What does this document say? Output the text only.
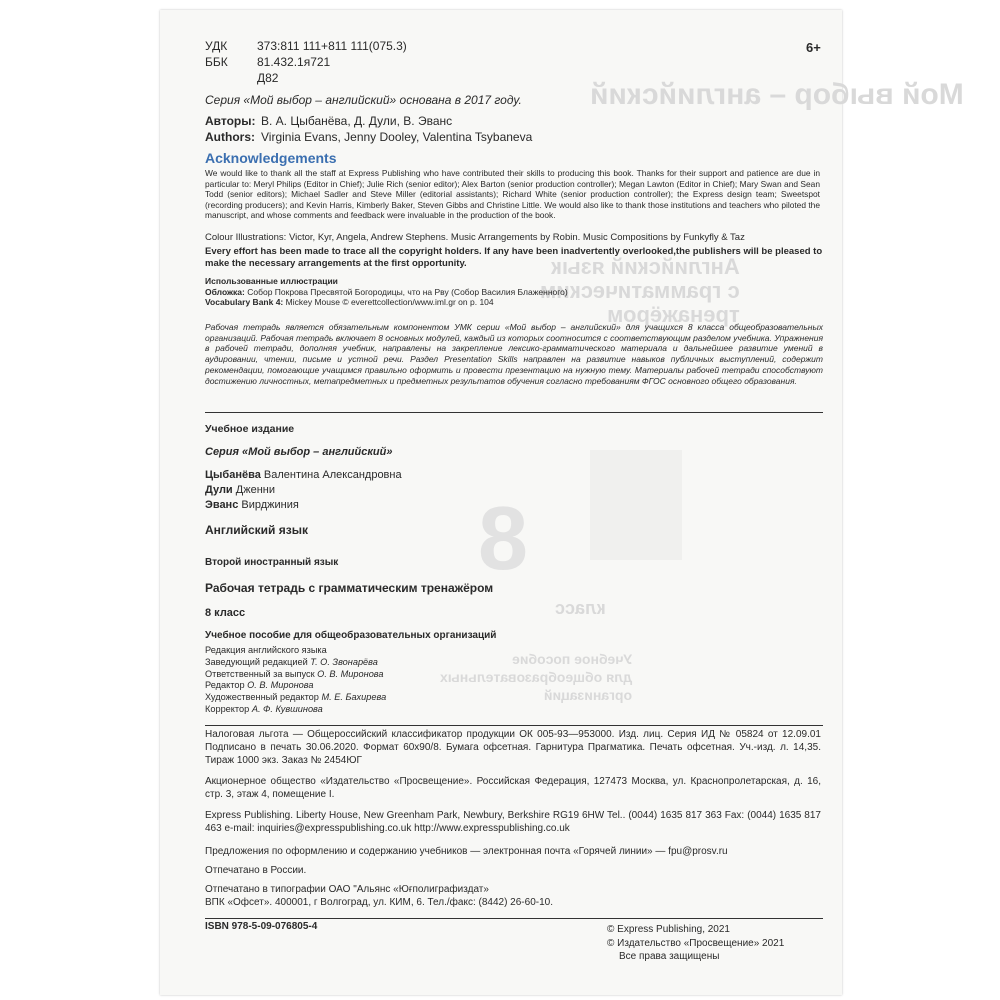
Мой выбор – английский
Английский язык
с грамматическим
тренажёром
8
класс
Учебное пособие
для общеобразовательных
организаций
УДК 373:811 111+811 111(075.3)
ББК 81.432.1я721
Д82
6+
Серия «Мой выбор – английский» основана в 2017 году.
Авторы: В. А. Цыбанёва, Д. Дули, В. Эванс
Authors: Virginia Evans, Jenny Dooley, Valentina Tsybaneva
Acknowledgements
We would like to thank all the staff at Express Publishing who have contributed their skills to producing this book. Thanks for their support and patience are due in particular to: Meryl Philips (Editor in Chief); Julie Rich (senior editor); Alex Barton (senior production controller); Megan Lawton (Editor in Chief); Mary Swan and Sean Todd (senior editors); Michael Sadler and Steve Miller (editorial assistants); Richard White (senior production controller); the Express design team; Sweetspot (recording producers); and Kevin Harris, Kimberly Baker, Steven Gibbs and Christine Little. We would also like to thank those institutions and teachers who piloted the manuscript, and whose comments and feedback were invaluable in the production of the book.
Colour Illustrations: Victor, Kyr, Angela, Andrew Stephens. Music Arrangements by Robin. Music Compositions by Funkyfly & Taz
Every effort has been made to trace all the copyright holders. If any have been inadvertently overlooked,the publishers will be pleased to make the necessary arrangements at the first opportunity.
Использованные иллюстрации
Обложка: Собор Покрова Пресвятой Богородицы, что на Рву (Собор Василия Блаженного)
Vocabulary Bank 4: Mickey Mouse © everettcollection/www.iml.gr on p. 104
Рабочая тетрадь является обязательным компонентом УМК серии «Мой выбор – английский» для учащихся 8 класса общеобразовательных организаций. Рабочая тетрадь включает 8 основных модулей, каждый из которых соотносится с соответствующим разделом учебника. Упражнения в рабочей тетради, дополняя учебник, направлены на закрепление лексико-грамматического материала и дальнейшее развитие умений в аудировании, чтении, письме и устной речи. Раздел Presentation Skills направлен на развитие навыков публичных выступлений, содержит рекомендации, помогающие учащимся правильно оформить и провести презентацию на нужную тему. Материалы рабочей тетради способствуют достижению личностных, метапредметных и предметных результатов обучения согласно требованиям ФГОС основного общего образования.
Учебное издание
Серия «Мой выбор – английский»
Цыбанёва Валентина Александровна
Дули Дженни
Эванс Вирджиния
Английский язык
Второй иностранный язык
Рабочая тетрадь с грамматическим тренажёром
8 класс
Учебное пособие для общеобразовательных организаций
Редакция английского языка
Заведующий редакцией Т. О. Звонарёва
Ответственный за выпуск О. В. Миронова
Редактор О. В. Миронова
Художественный редактор М. Е. Бахирева
Корректор А. Ф. Кувшинова
Налоговая льгота — Общероссийский классификатор продукции ОК 005-93—953000. Изд. лиц. Серия ИД № 05824 от 12.09.01 Подписано в печать 30.06.2020. Формат 60x90/8. Бумага офсетная. Гарнитура Прагматика. Печать офсетная. Уч.-изд. л. 14,35. Тираж 1000 экз. Заказ № 2454ЮГ
Акционерное общество «Издательство «Просвещение». Российская Федерация, 127473 Москва, ул. Краснопролетарская, д. 16, стр. 3, этаж 4, помещение I.
Express Publishing. Liberty House, New Greenham Park, Newbury, Berkshire RG19 6HW Tel.. (0044) 1635 817 363 Fax: (0044) 1635 817 463 e-mail: inquiries@expresspublishing.co.uk http://www.expresspublishing.co.uk
Предложения по оформлению и содержанию учебников — электронная почта «Горячей линии» — fpu@prosv.ru
Отпечатано в России.
Отпечатано в типографии ОАО "Альянс «Юғполиграфиздат»
ВПК «Офсет». 400001, г Волгоград, ул. КИМ, 6. Тел./факс: (8442) 26-60-10.
ISBN 978-5-09-076805-4	© Express Publishing, 2021
© Издательство «Просвещение» 2021
Все права защищены
